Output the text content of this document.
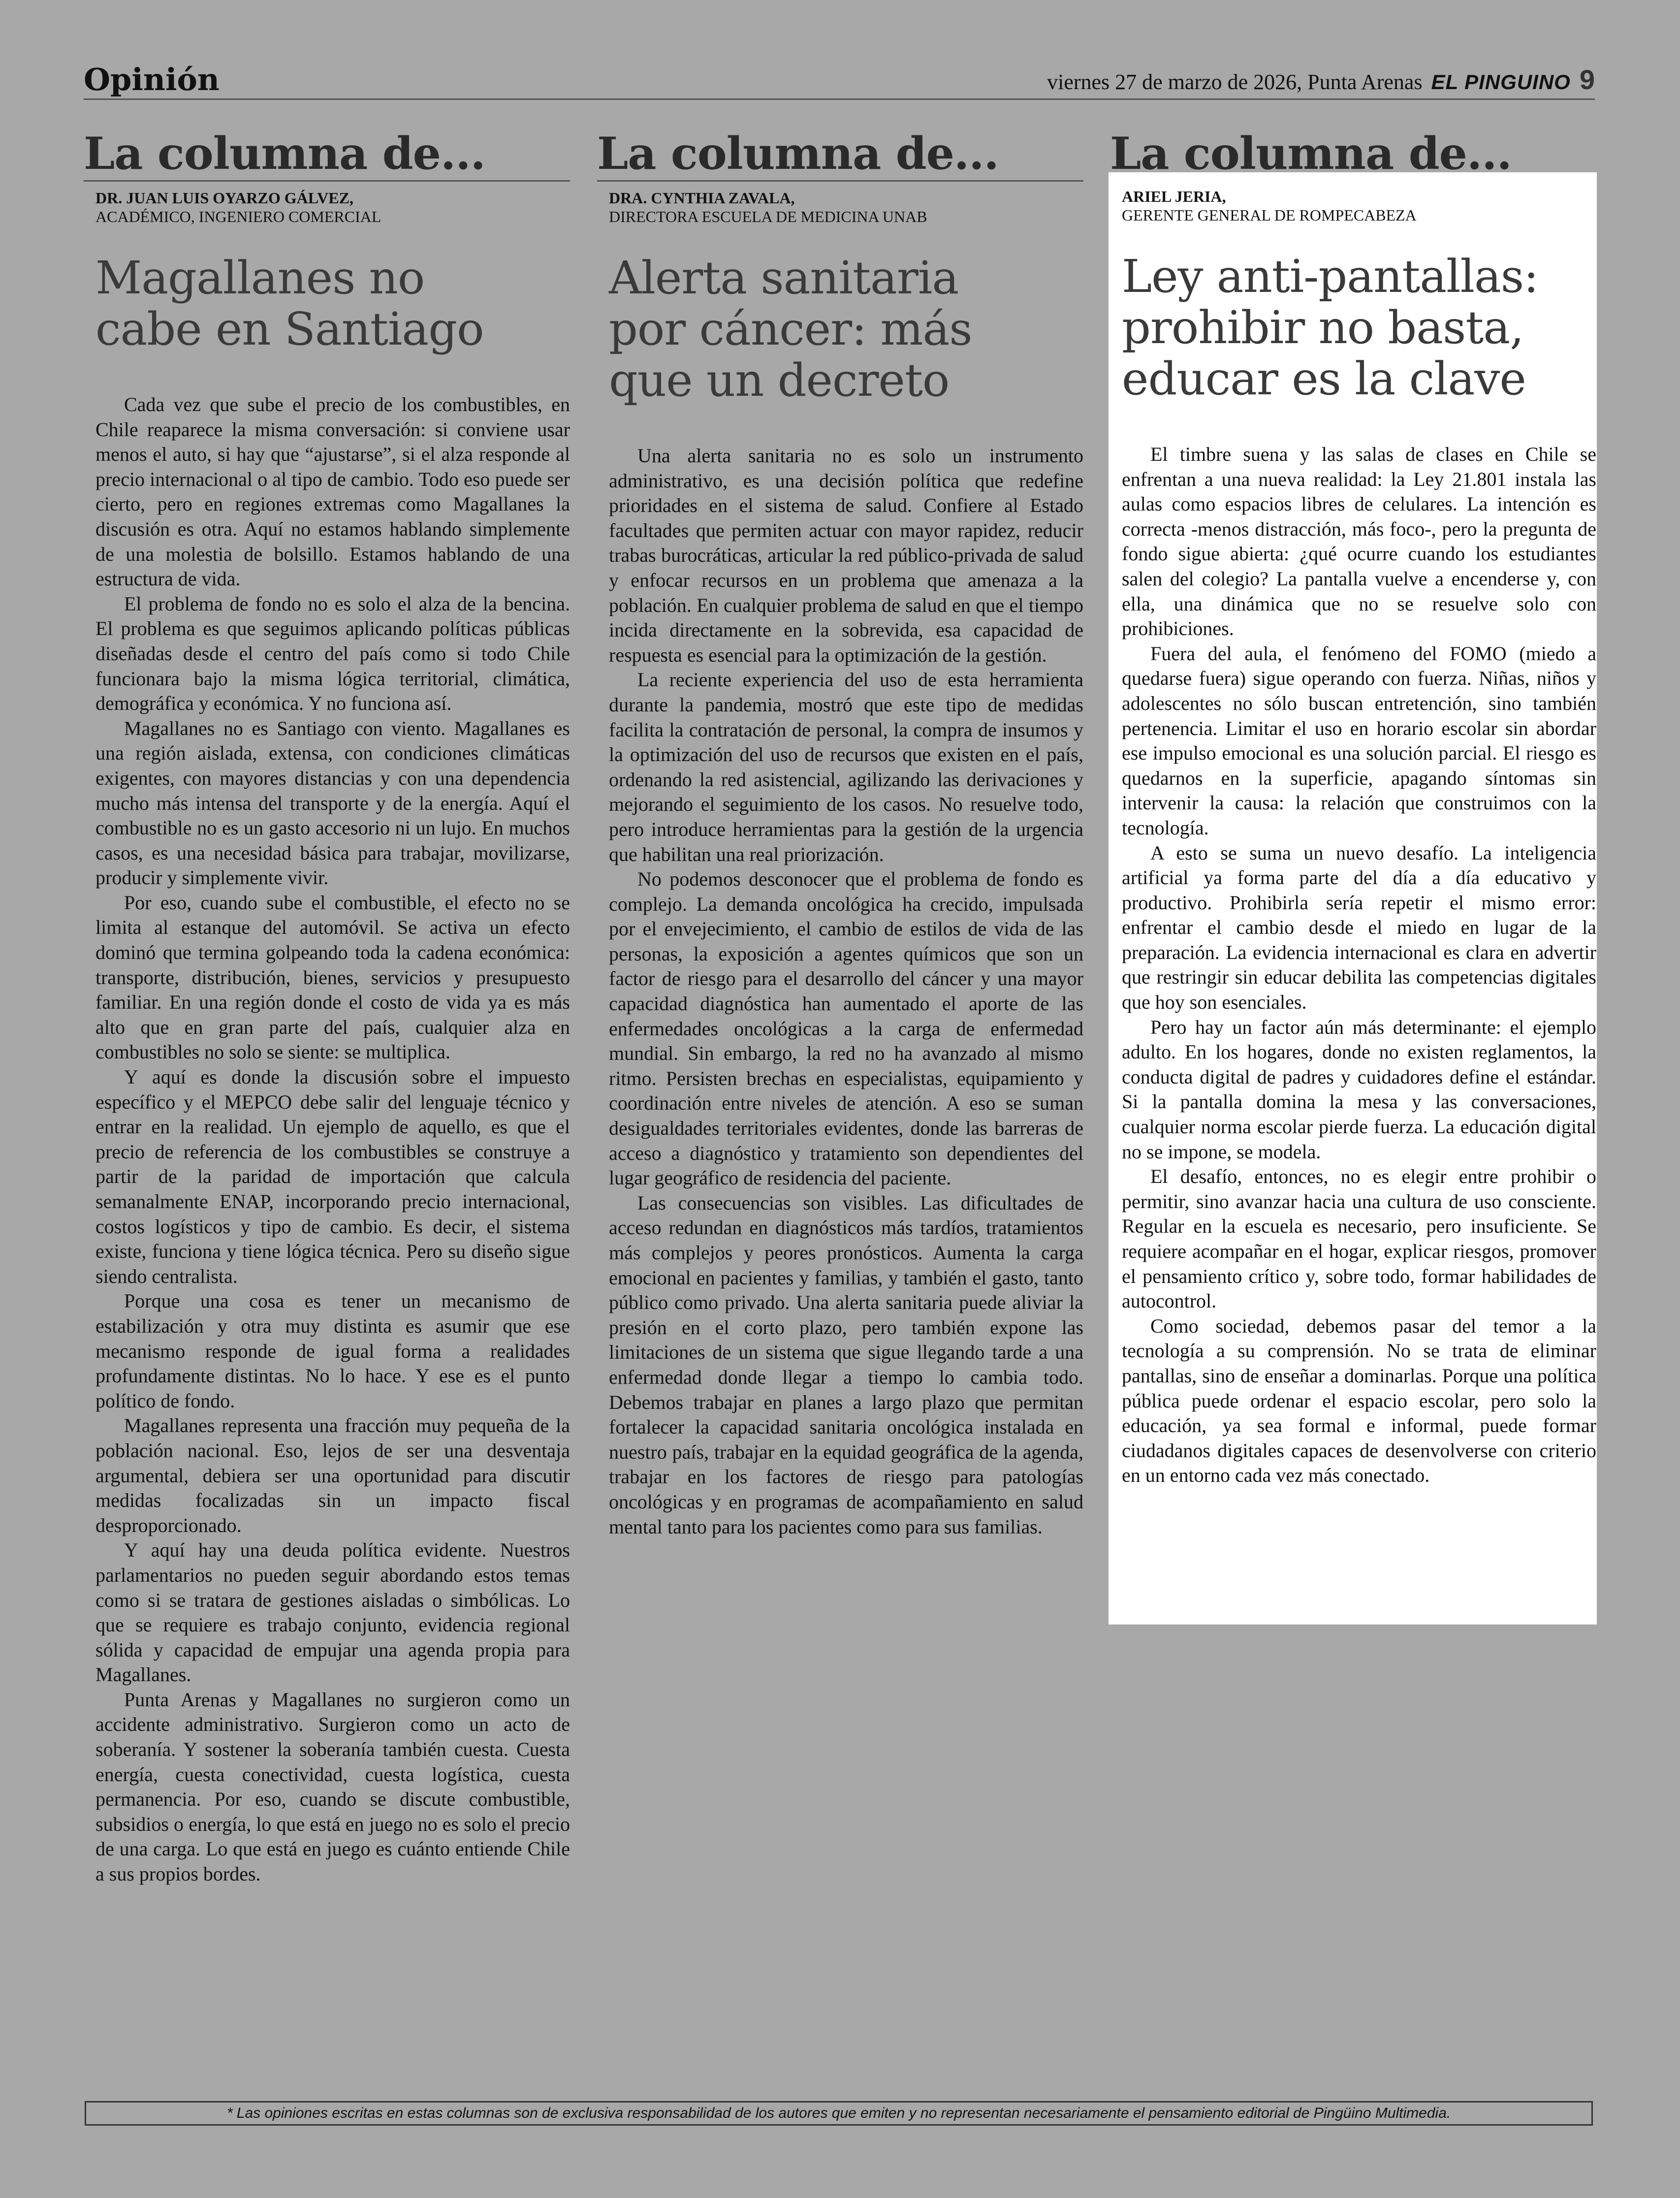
Opinión	viernes 27 de marzo de 2026, Punta Arenas EL PINGUINO 9
La columna de...
DR. JUAN LUIS OYARZO GÁLVEZ,
ACADÉMICO, INGENIERO COMERCIAL
Magallanes no
cabe en Santiago

Cada vez que sube el precio de los combustibles, en Chile reaparece la misma conversación: si conviene usar menos el auto, si hay que “ajustarse”, si el alza responde al precio internacional o al tipo de cambio. Todo eso puede ser cierto, pero en regiones extremas como Magallanes la discusión es otra. Aquí no estamos hablando simplemente de una molestia de bolsillo. Estamos hablando de una estructura de vida.

El problema de fondo no es solo el alza de la bencina. El problema es que seguimos aplicando políticas públicas diseñadas desde el centro del país como si todo Chile funcionara bajo la misma lógica territorial, climática, demográfica y económica. Y no funciona así.

Magallanes no es Santiago con viento. Magallanes es una región aislada, extensa, con condiciones climáticas exigentes, con mayores distancias y con una dependencia mucho más intensa del transporte y de la energía. Aquí el combustible no es un gasto accesorio ni un lujo. En muchos casos, es una necesidad básica para trabajar, movilizarse, producir y simplemente vivir.

Por eso, cuando sube el combustible, el efecto no se limita al estanque del automóvil. Se activa un efecto dominó que termina golpeando toda la cadena económica: transporte, distribución, bienes, servicios y presupuesto familiar. En una región donde el costo de vida ya es más alto que en gran parte del país, cualquier alza en combustibles no solo se siente: se multiplica.

Y aquí es donde la discusión sobre el impuesto específico y el MEPCO debe salir del lenguaje técnico y entrar en la realidad. Un ejemplo de aquello, es que el precio de referencia de los combustibles se construye a partir de la paridad de importación que calcula semanalmente ENAP, incorporando precio internacional, costos logísticos y tipo de cambio. Es decir, el sistema existe, funciona y tiene lógica técnica. Pero su diseño sigue siendo centralista.

Porque una cosa es tener un mecanismo de estabilización y otra muy distinta es asumir que ese mecanismo responde de igual forma a realidades profundamente distintas. No lo hace. Y ese es el punto político de fondo.

Magallanes representa una fracción muy pequeña de la población nacional. Eso, lejos de ser una desventaja argumental, debiera ser una oportunidad para discutir medidas focalizadas sin un impacto fiscal desproporcionado.

Y aquí hay una deuda política evidente. Nuestros parlamentarios no pueden seguir abordando estos temas como si se tratara de gestiones aisladas o simbólicas. Lo que se requiere es trabajo conjunto, evidencia regional sólida y capacidad de empujar una agenda propia para Magallanes.

Punta Arenas y Magallanes no surgieron como un accidente administrativo. Surgieron como un acto de soberanía. Y sostener la soberanía también cuesta. Cuesta energía, cuesta conectividad, cuesta logística, cuesta permanencia. Por eso, cuando se discute combustible, subsidios o energía, lo que está en juego no es solo el precio de una carga. Lo que está en juego es cuánto entiende Chile a sus propios bordes.

La columna de...
DRA. CYNTHIA ZAVALA,
DIRECTORA ESCUELA DE MEDICINA UNAB
Alerta sanitaria
por cáncer: más
que un decreto

Una alerta sanitaria no es solo un instrumento administrativo, es una decisión política que redefine prioridades en el sistema de salud. Confiere al Estado facultades que permiten actuar con mayor rapidez, reducir trabas burocráticas, articular la red público-privada de salud y enfocar recursos en un problema que amenaza a la población. En cualquier problema de salud en que el tiempo incida directamente en la sobrevida, esa capacidad de respuesta es esencial para la optimización de la gestión.

La reciente experiencia del uso de esta herramienta durante la pandemia, mostró que este tipo de medidas facilita la contratación de personal, la compra de insumos y la optimización del uso de recursos que existen en el país, ordenando la red asistencial, agilizando las derivaciones y mejorando el seguimiento de los casos. No resuelve todo, pero introduce herramientas para la gestión de la urgencia que habilitan una real priorización.

No podemos desconocer que el problema de fondo es complejo. La demanda oncológica ha crecido, impulsada por el envejecimiento, el cambio de estilos de vida de las personas, la exposición a agentes químicos que son un factor de riesgo para el desarrollo del cáncer y una mayor capacidad diagnóstica han aumentado el aporte de las enfermedades oncológicas a la carga de enfermedad mundial. Sin embargo, la red no ha avanzado al mismo ritmo. Persisten brechas en especialistas, equipamiento y coordinación entre niveles de atención. A eso se suman desigualdades territoriales evidentes, donde las barreras de acceso a diagnóstico y tratamiento son dependientes del lugar geográfico de residencia del paciente.

Las consecuencias son visibles. Las dificultades de acceso redundan en diagnósticos más tardíos, tratamientos más complejos y peores pronósticos. Aumenta la carga emocional en pacientes y familias, y también el gasto, tanto público como privado. Una alerta sanitaria puede aliviar la presión en el corto plazo, pero también expone las limitaciones de un sistema que sigue llegando tarde a una enfermedad donde llegar a tiempo lo cambia todo. Debemos trabajar en planes a largo plazo que permitan fortalecer la capacidad sanitaria oncológica instalada en nuestro país, trabajar en la equidad geográfica de la agenda, trabajar en los factores de riesgo para patologías oncológicas y en programas de acompañamiento en salud mental tanto para los pacientes como para sus familias.

La columna de...
ARIEL JERIA,
GERENTE GENERAL DE ROMPECABEZA
Ley anti-pantallas:
prohibir no basta,
educar es la clave

El timbre suena y las salas de clases en Chile se enfrentan a una nueva realidad: la Ley 21.801 instala las aulas como espacios libres de celulares. La intención es correcta -menos distracción, más foco-, pero la pregunta de fondo sigue abierta: ¿qué ocurre cuando los estudiantes salen del colegio? La pantalla vuelve a encenderse y, con ella, una dinámica que no se resuelve solo con prohibiciones.

Fuera del aula, el fenómeno del FOMO (miedo a quedarse fuera) sigue operando con fuerza. Niñas, niños y adolescentes no sólo buscan entretención, sino también pertenencia. Limitar el uso en horario escolar sin abordar ese impulso emocional es una solución parcial. El riesgo es quedarnos en la superficie, apagando síntomas sin intervenir la causa: la relación que construimos con la tecnología.

A esto se suma un nuevo desafío. La inteligencia artificial ya forma parte del día a día educativo y productivo. Prohibirla sería repetir el mismo error: enfrentar el cambio desde el miedo en lugar de la preparación. La evidencia internacional es clara en advertir que restringir sin educar debilita las competencias digitales que hoy son esenciales.

Pero hay un factor aún más determinante: el ejemplo adulto. En los hogares, donde no existen reglamentos, la conducta digital de padres y cuidadores define el estándar. Si la pantalla domina la mesa y las conversaciones, cualquier norma escolar pierde fuerza. La educación digital no se impone, se modela.

El desafío, entonces, no es elegir entre prohibir o permitir, sino avanzar hacia una cultura de uso consciente. Regular en la escuela es necesario, pero insuficiente. Se requiere acompañar en el hogar, explicar riesgos, promover el pensamiento crítico y, sobre todo, formar habilidades de autocontrol.

Como sociedad, debemos pasar del temor a la tecnología a su comprensión. No se trata de eliminar pantallas, sino de enseñar a dominarlas. Porque una política pública puede ordenar el espacio escolar, pero solo la educación, ya sea formal e informal, puede formar ciudadanos digitales capaces de desenvolverse con criterio en un entorno cada vez más conectado.

* Las opiniones escritas en estas columnas son de exclusiva responsabilidad de los autores que emiten y no representan necesariamente el pensamiento editorial de Pingüino Multimedia.
